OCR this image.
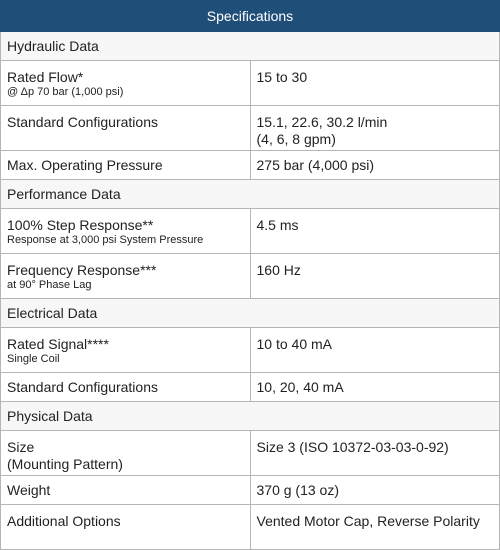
Specifications	
Hydraulic Data	

Rated Flow*
@ Δp 70 bar (1,000 psi)	15 to 30

Standard Configurations	15.1, 22.6, 30.2 l/min
(4, 6, 8 gpm)

Max. Operating Pressure	275 bar (4,000 psi)

Performance Data	

100% Step Response**
Response at 3,000 psi System Pressure	4.5 ms

Frequency Response***
at 90° Phase Lag	160 Hz

Electrical Data	

Rated Signal****
Single Coil	10 to 40 mA

Standard Configurations	10, 20, 40 mA

Physical Data	

Size
(Mounting Pattern)	Size 3 (ISO 10372-03-03-0-92)

Weight	370 g (13 oz)

Additional Options	Vented Motor Cap, Reverse Polarity
